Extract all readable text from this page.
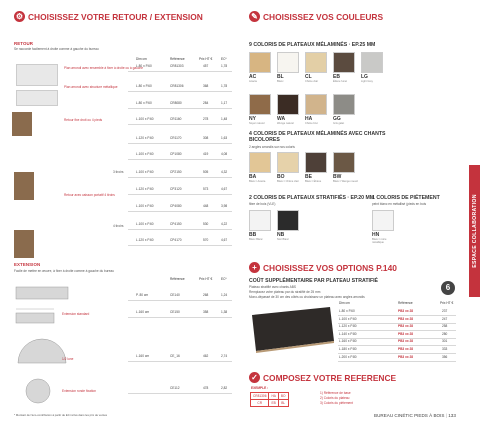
⚙ CHOISISSEZ VOTRE RETOUR / EXTENSION
RETOUR
Se raccorde facilement à droite comme à gauche du bureau
Dim cm	Référence	Prix HT €	EC*
L.80 x P.60	CR81303	457	1,78
L.80 x P.60	CR81306	368	1,78
L.80 x P.60	CR8080	284	1,17
L.100 x P.60	CR1160	278	1,48
L.120 x P.60	CR1170	308	1,63
L.100 x P.60	CP1080	419	4,08
L.100 x P.60	CP2150	505	4,32
L.120 x P.60	CP3120	573	4,67
L.100 x P.60	CP4080	448	3,98
L.100 x P.60	CP4150	530	4,22
L.120 x P.60	CP4170	570	4,67
Plan arrondi avec ensemble à fixer à droite ou à gauche
Plan arrondi avec structure métallique
Retour fixe droit ou 4 pieds
Retour avec caisson portatif 4 tiroirs
3 tiroirs
4 tiroirs
EXTENSION
Facile de mettre en œuvre, à fixer à droite comme à gauche du bureau
Référence	Prix HT €	EC*
P. 80 cm	CE140	268	1,24
L.160 cm	CE150	358	1,38
L.160 cm	CE_16	462	2,74
CE112	478	2,82
Extension standard
1/2 lune
Extension ronde fixation
* Montant de l'éco-contribution à partir de EC inclus dans les prix de ventes
✎ CHOISISSEZ VOS COULEURS
9 COLORIS DE PLATEAUX MÉLAMINÉS · EP.25 MM
AC
Acacia
BL
Blanc
CL
Chêne clair
EB
Ébène fumé
LG
Light Grey
NY
Noyer naturel
WA
Wenge naturel
HA
Chêne brut
GG
Gris galet
4 COLORIS DE PLATEAUX MÉLAMINÉS AVEC CHANTS BICOLORES
2 angles arrondis sur nos coloris
BA
Blanc / Acacia
BO
Blanc / Chêne clair
BE
Blanc / Ébène
BW
Blanc / Wenge noeud
2 COLORIS DE PLATEAUX STRATIFIÉS · EP.20 MM
fibre de bois (VLE)
1 COLORIS DE PIÉTEMENT
peint blanc en métallisé (pieds en bois
BB
Blanc Blanc
NB
Noir Blanc
HN
Blanc / noire métallique	ESPACE COLLABORATION
+ CHOISISSEZ VOS OPTIONS P.140
COÛT SUPPLÉMENTAIRE PAR PLATEAU STRATIFIÉ
Plateau stratifié avec chants ABS
Remplacez votre plateau par du stratifié de 25 mm
Mono-dépassé de 30 cm des côtés ou choisissez un plateau avec angles arrondis
6
Dim cm	Référence	Prix HT €
L.80 x P.60	PB3 xx 28	237
L.100 x P.60	PB3 xx 28	247
L.120 x P.80	PB3 xx 28	258
L.140 x P.80	PB3 xx 28	280
L.160 x P.80	PB3 xx 28	301
L.180 x P.80	PB3 xx 28	333
L.200 x P.80	PB3 xx 28	356
✓ COMPOSEZ VOTRE REFERENCE
EXEMPLE :
CR81306	HA	BO
CR	EB	BL
1) Référence de base
2) Coloris du plateau
3) Coloris du piètement
BUREAU CINÉTIC PIEDS À BOIS | 133
